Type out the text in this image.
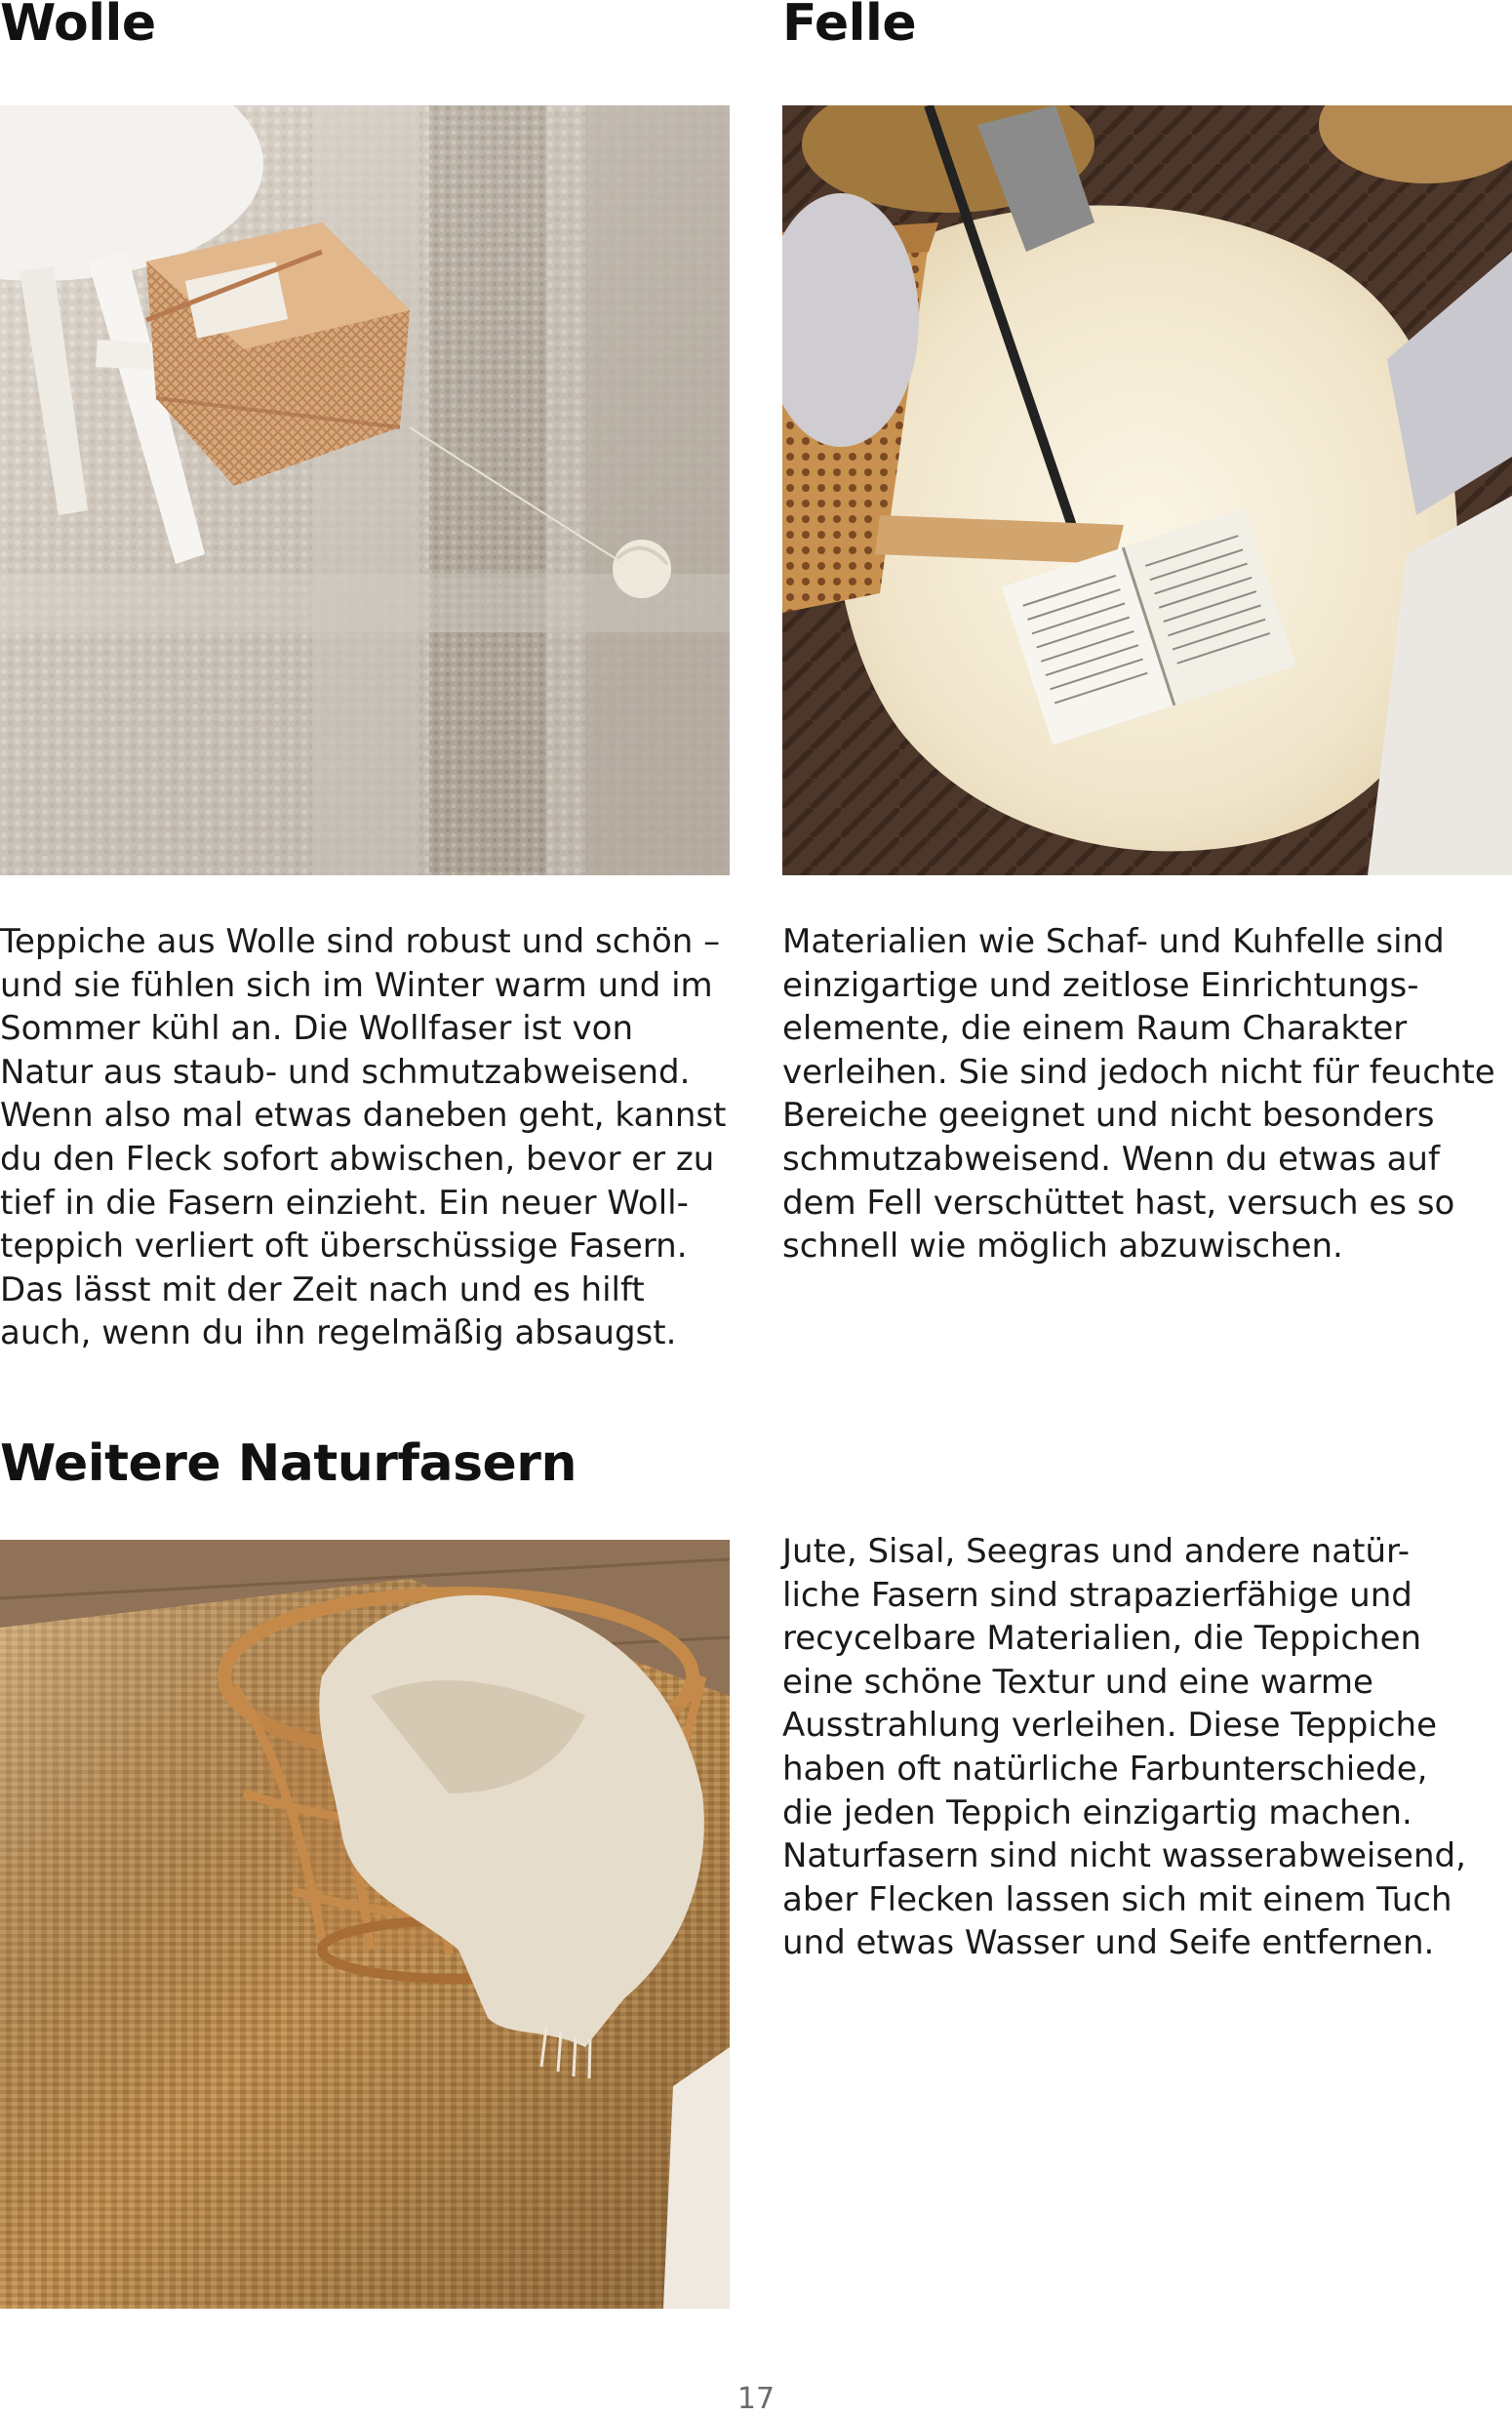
Wolle

Teppiche aus Wolle sind robust und schön –
und sie fühlen sich im Winter warm und im
Sommer kühl an. Die Wollfaser ist von
Natur aus staub- und schmutzabweisend.
Wenn also mal etwas daneben geht, kannst
du den Fleck sofort abwischen, bevor er zu
tief in die Fasern einzieht. Ein neuer Woll-
teppich verliert oft überschüssige Fasern.
Das lässt mit der Zeit nach und es hilft
auch, wenn du ihn regelmäßig absaugst.

Felle

Materialien wie Schaf- und Kuhfelle sind
einzigartige und zeitlose Einrichtungs-
elemente, die einem Raum Charakter
verleihen. Sie sind jedoch nicht für feuchte
Bereiche geeignet und nicht besonders
schmutzabweisend. Wenn du etwas auf
dem Fell verschüttet hast, versuch es so
schnell wie möglich abzuwischen.

Weitere Naturfasern

Jute, Sisal, Seegras und andere natür-
liche Fasern sind strapazierfähige und
recycelbare Materialien, die Teppichen
eine schöne Textur und eine warme
Ausstrahlung verleihen. Diese Teppiche
haben oft natürliche Farbunterschiede,
die jeden Teppich einzigartig machen.
Naturfasern sind nicht wasserabweisend,
aber Flecken lassen sich mit einem Tuch
und etwas Wasser und Seife entfernen.

17
